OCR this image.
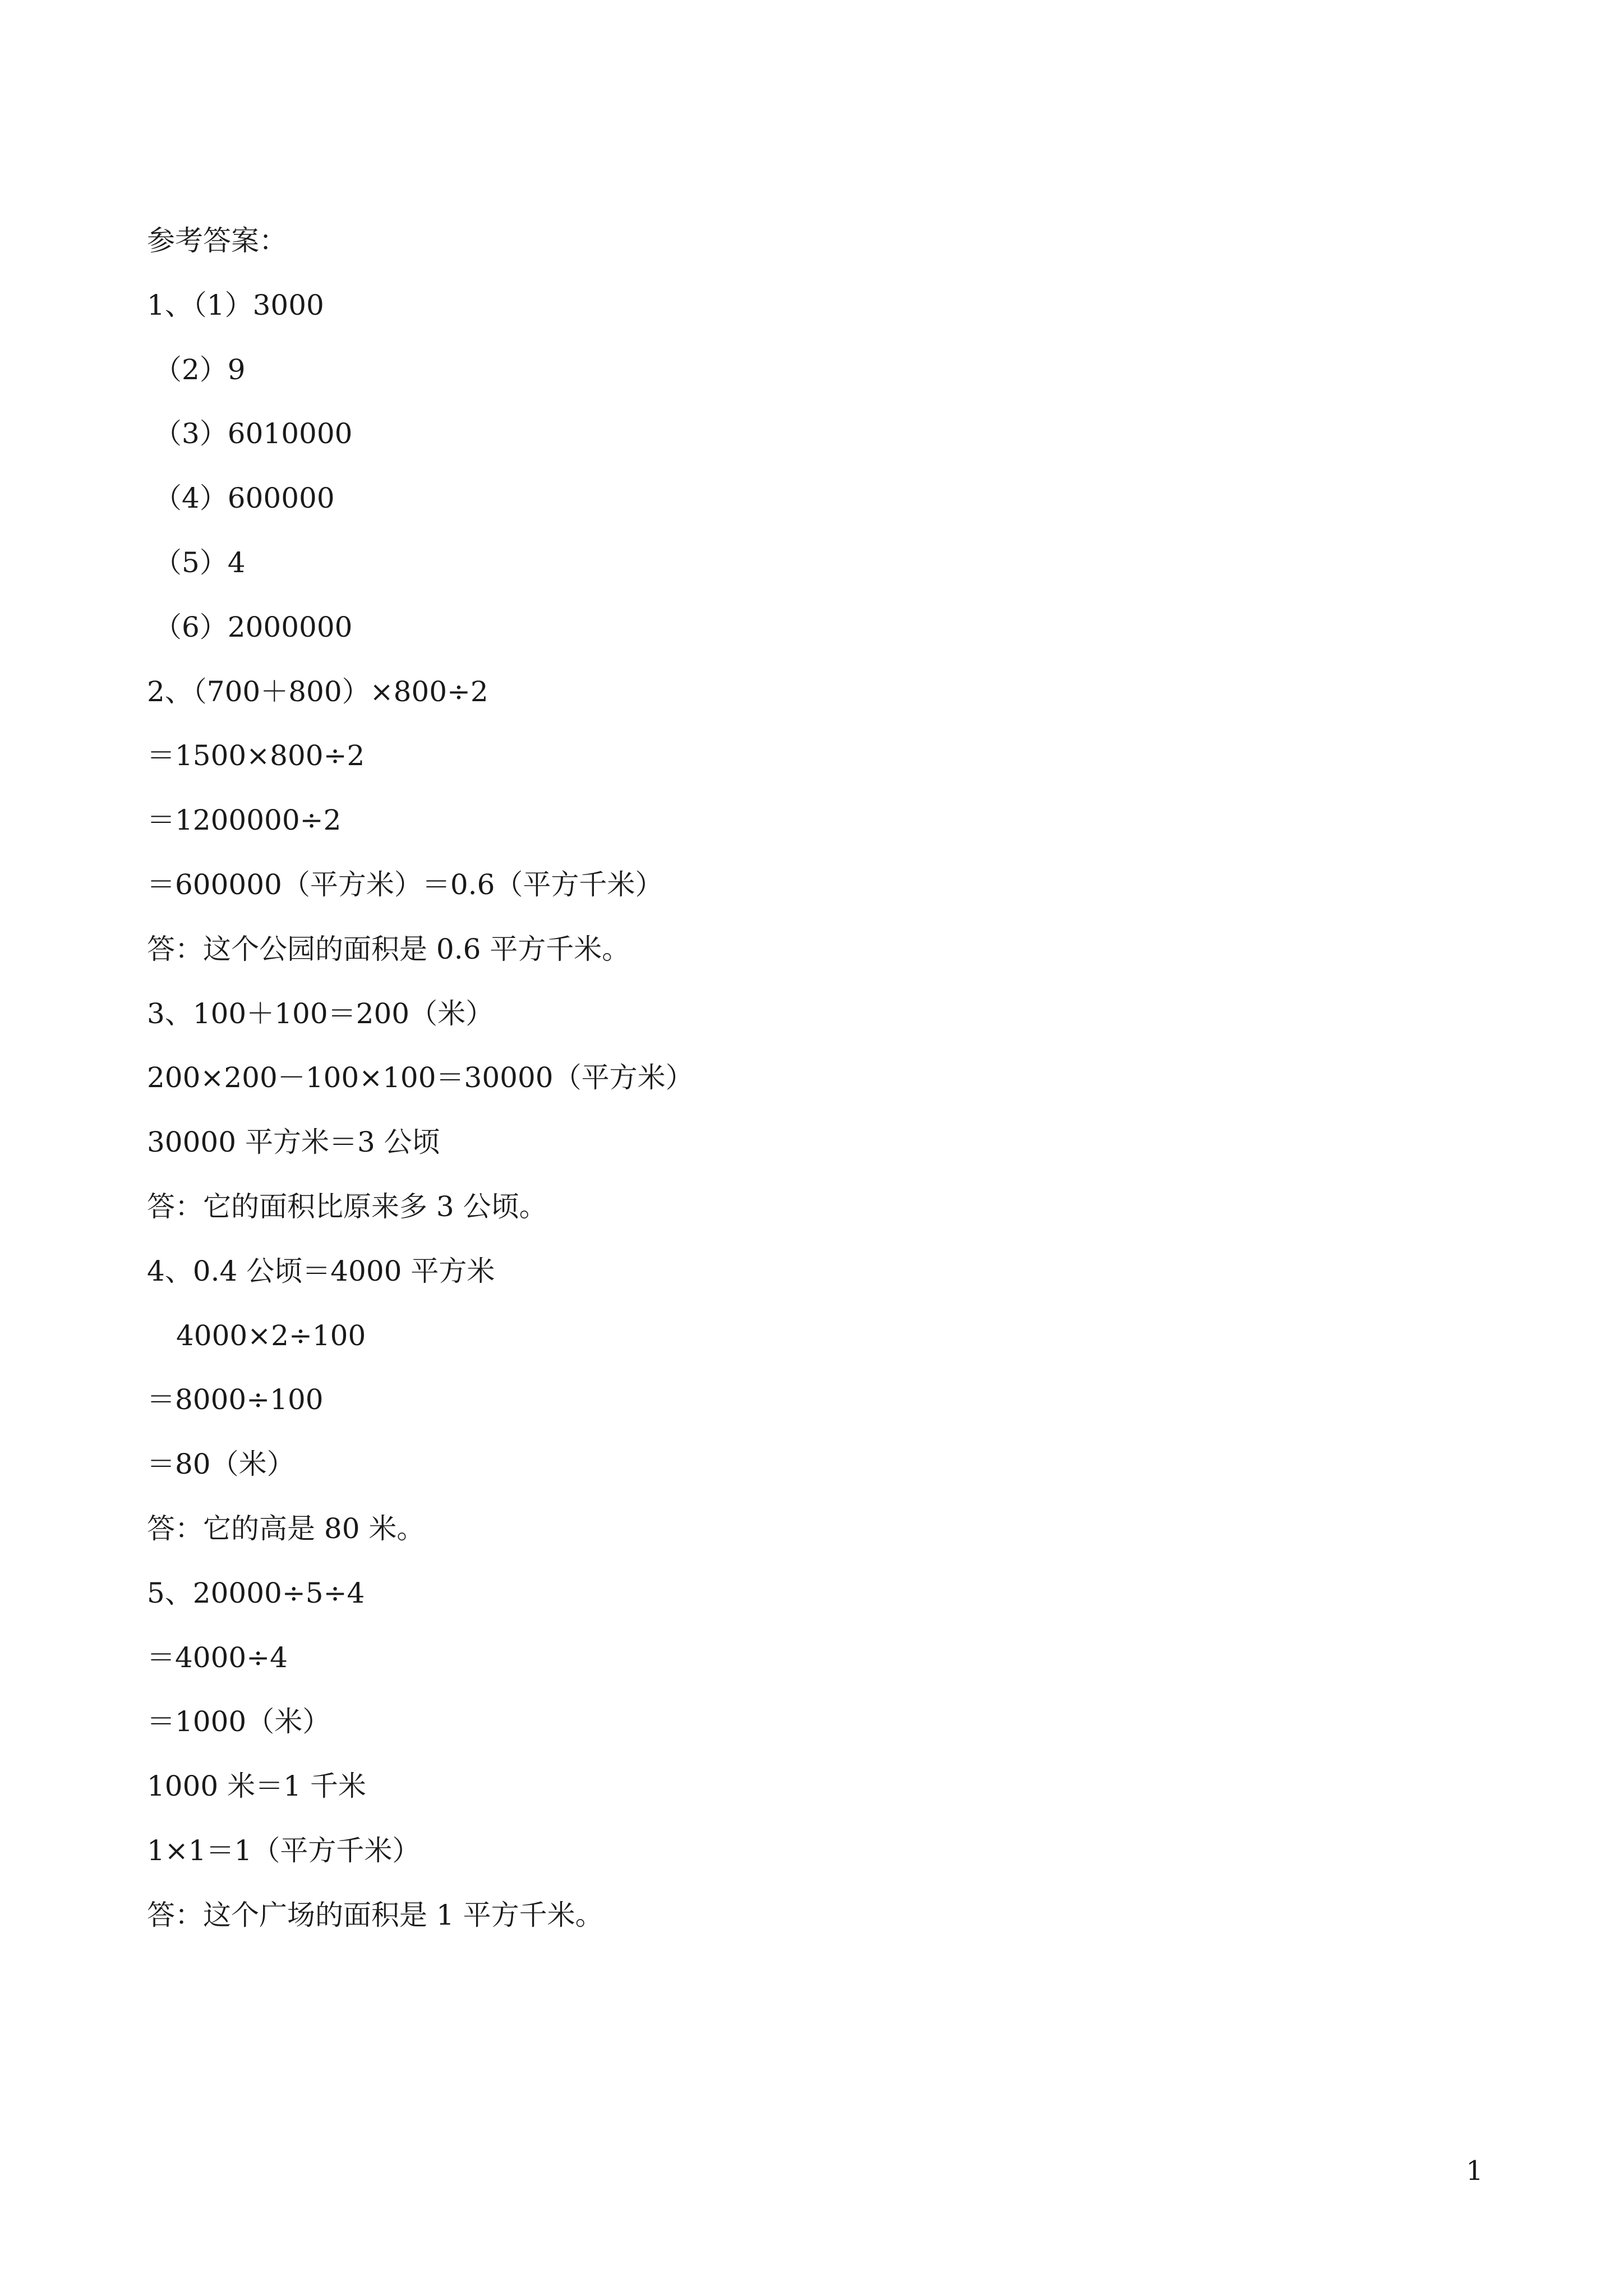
参考答案：
1、（1）3000
（2）9
（3）6010000
（4）600000
（5）4
（6）2000000
2、（700＋800）×800÷2
＝1500×800÷2
＝1200000÷2
＝600000（平方米）＝0.6（平方千米）
答：这个公园的面积是 0.6 平方千米。
3、100＋100＝200（米）
200×200－100×100＝30000（平方米）
30000 平方米＝3 公顷
答：它的面积比原来多 3 公顷。
4、0.4 公顷＝4000 平方米
4000×2÷100
＝8000÷100
＝80（米）
答：它的高是 80 米。
5、20000÷5÷4
＝4000÷4
＝1000（米）
1000 米＝1 千米
1×1＝1（平方千米）
答：这个广场的面积是 1 平方千米。
1
